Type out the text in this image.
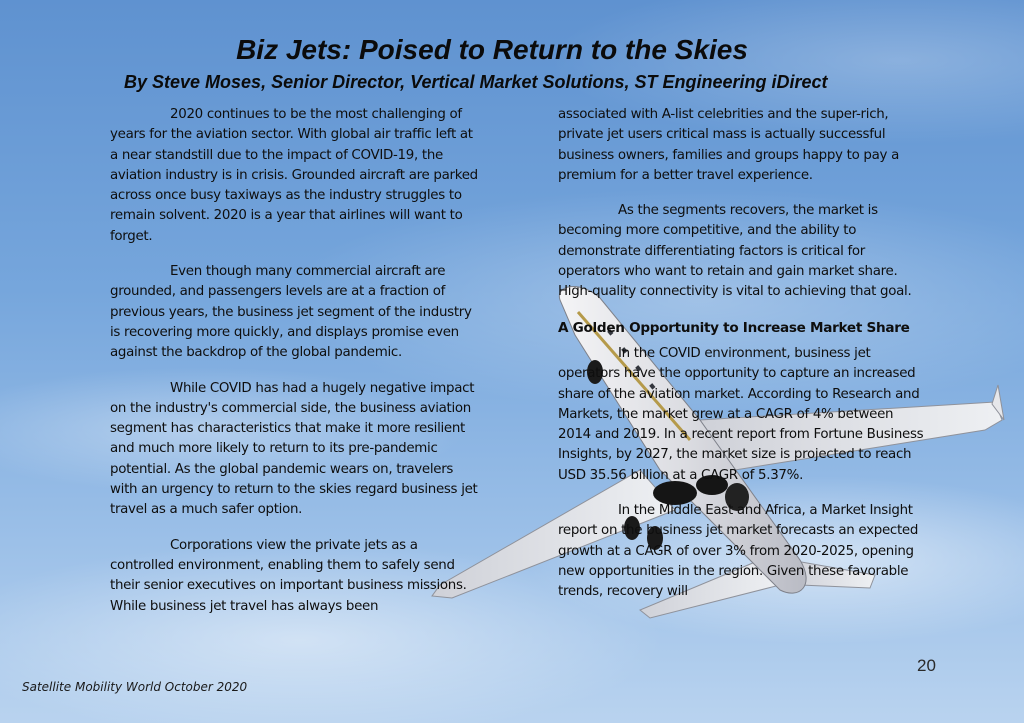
Biz Jets: Poised to Return to the Skies
By Steve Moses, Senior Director, Vertical Market Solutions, ST Engineering iDirect

2020 continues to be the most challenging of years for the aviation sector. With global air traffic left at a near standstill due to the impact of COVID-19, the aviation industry is in crisis. Grounded aircraft are parked across once busy taxiways as the industry struggles to remain solvent. 2020 is a year that airlines will want to forget.

Even though many commercial aircraft are grounded, and passengers levels are at a fraction of previous years, the business jet segment of the industry is recovering more quickly, and displays promise even against the backdrop of the global pandemic.

While COVID has had a hugely negative impact on the industry's commercial side, the business aviation segment has characteristics that make it more resilient and much more likely to return to its pre-pandemic potential. As the global pandemic wears on, travelers with an urgency to return to the skies regard business jet travel as a much safer option.

Corporations view the private jets as a controlled environment, enabling them to safely send their senior executives on important business missions. While business jet travel has always been

associated with A-list celebrities and the super-rich, private jet users critical mass is actually successful business owners, families and groups happy to pay a premium for a better travel experience.

As the segments recovers, the market is becoming more competitive, and the ability to demonstrate differentiating factors is critical for operators who want to retain and gain market share. High-quality connectivity is vital to achieving that goal.

A Golden Opportunity to Increase Market Share

In the COVID environment, business jet operators have the opportunity to capture an increased share of the aviation market. According to Research and Markets, the market grew at a CAGR of 4% between 2014 and 2019. In a recent report from Fortune Business Insights, by 2027, the market size is projected to reach USD 35.56 billion at a CAGR of 5.37%.

In the Middle East and Africa, a Market Insight report on the business jet market forecasts an expected growth at a CAGR of over 3% from 2020-2025, opening new opportunities in the region. Given these favorable trends, recovery will

20
Satellite Mobility World October 2020
